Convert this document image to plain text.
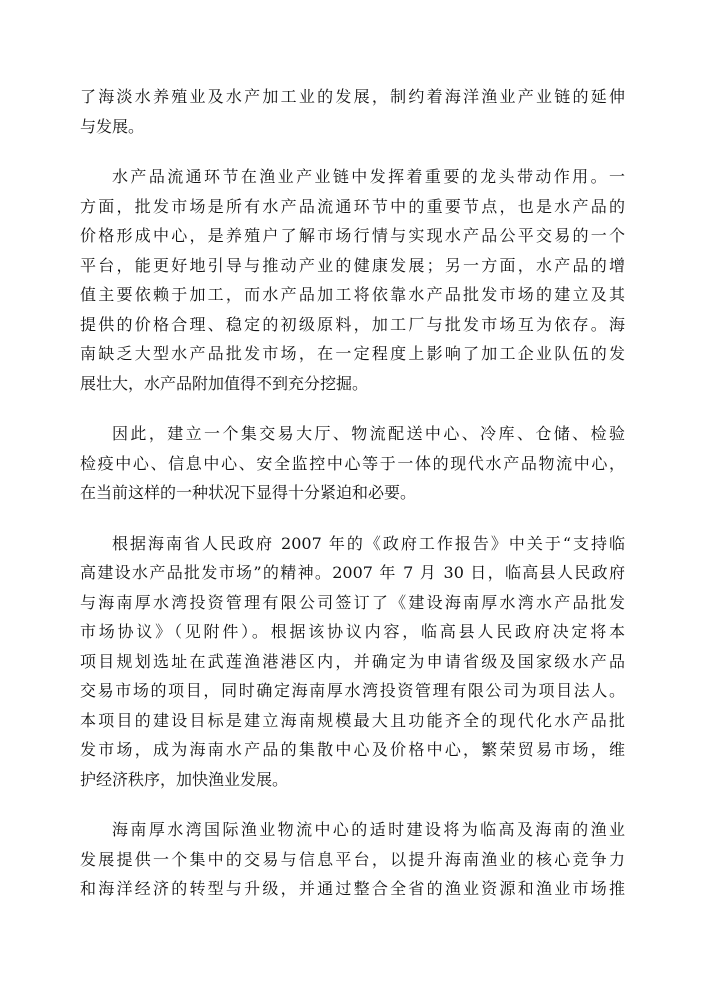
了海淡水养殖业及水产加工业的发展，制约着海洋渔业产业链的延伸
与发展。

水产品流通环节在渔业产业链中发挥着重要的龙头带动作用。一
方面，批发市场是所有水产品流通环节中的重要节点，也是水产品的
价格形成中心，是养殖户了解市场行情与实现水产品公平交易的一个
平台，能更好地引导与推动产业的健康发展；另一方面，水产品的增
值主要依赖于加工，而水产品加工将依靠水产品批发市场的建立及其
提供的价格合理、稳定的初级原料，加工厂与批发市场互为依存。海
南缺乏大型水产品批发市场，在一定程度上影响了加工企业队伍的发
展壮大，水产品附加值得不到充分挖掘。

因此，建立一个集交易大厅、物流配送中心、冷库、仓储、检验
检疫中心、信息中心、安全监控中心等于一体的现代水产品物流中心，
在当前这样的一种状况下显得十分紧迫和必要。

根据海南省人民政府 2007 年的《政府工作报告》中关于“支持临
高建设水产品批发市场”的精神。2007 年 7 月 30 日，临高县人民政府
与海南厚水湾投资管理有限公司签订了《建设海南厚水湾水产品批发
市场协议》（见附件）。根据该协议内容，临高县人民政府决定将本
项目规划选址在武莲渔港港区内，并确定为申请省级及国家级水产品
交易市场的项目，同时确定海南厚水湾投资管理有限公司为项目法人。
本项目的建设目标是建立海南规模最大且功能齐全的现代化水产品批
发市场，成为海南水产品的集散中心及价格中心，繁荣贸易市场，维
护经济秩序，加快渔业发展。

海南厚水湾国际渔业物流中心的适时建设将为临高及海南的渔业
发展提供一个集中的交易与信息平台，以提升海南渔业的核心竞争力
和海洋经济的转型与升级，并通过整合全省的渔业资源和渔业市场推
